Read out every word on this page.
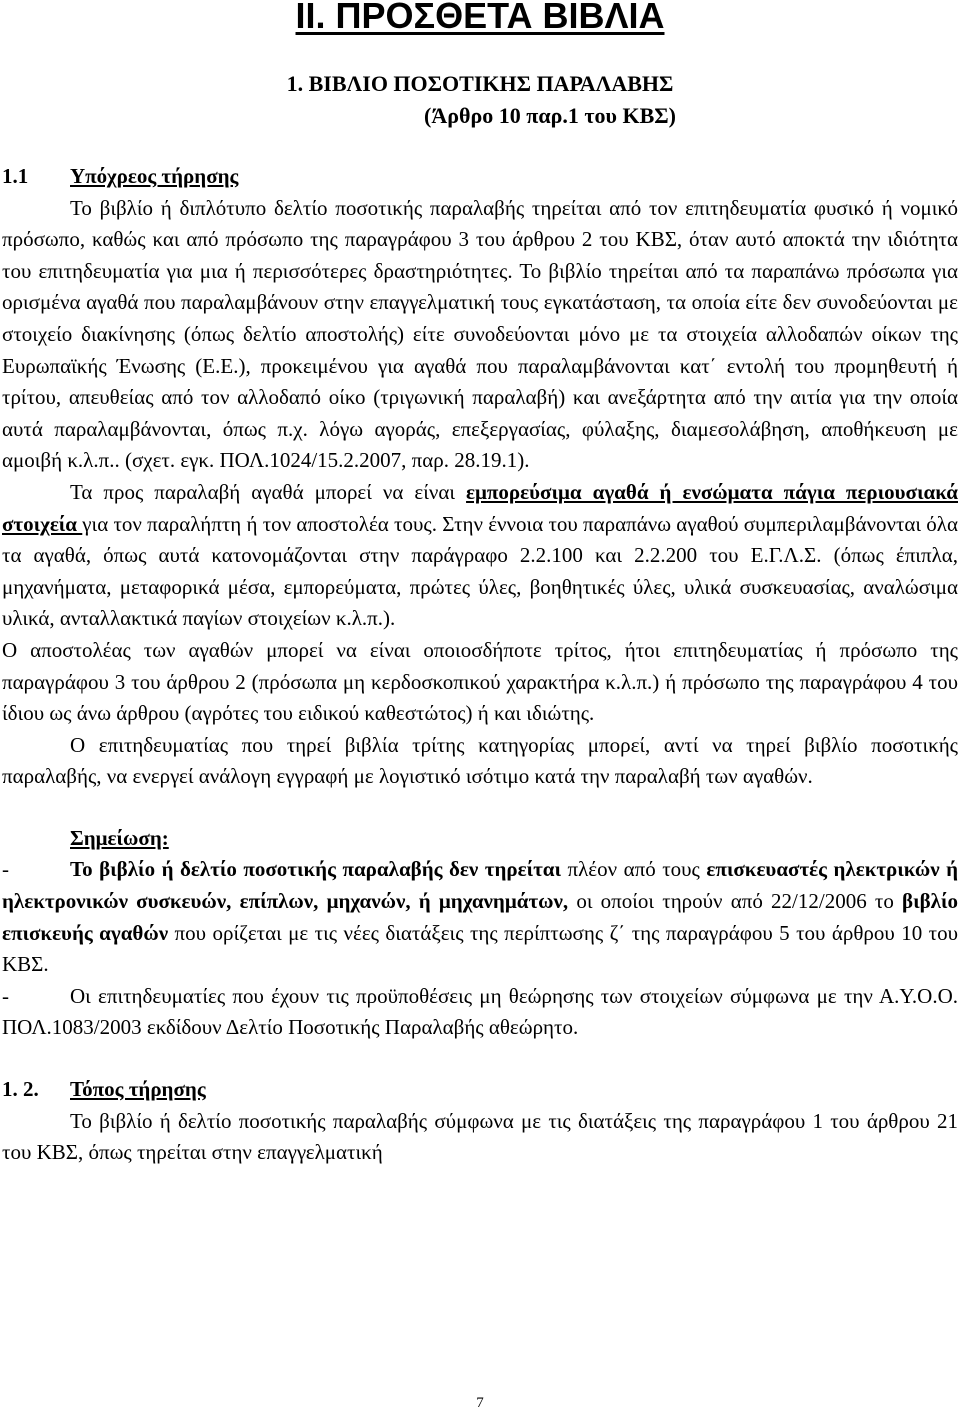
ΙΙ. ΠΡΟΣΘΕΤΑ ΒΙΒΛΙΑ
1. ΒΙΒΛΙΟ ΠΟΣΟΤΙΚΗΣ ΠΑΡΑΛΑΒΗΣ
(Άρθρο 10 παρ.1 του ΚΒΣ)

1.1 Υπόχρεος τήρησης

Το βιβλίο ή διπλότυπο δελτίο ποσοτικής παραλαβής τηρείται από τον επιτηδευματία φυσικό ή νομικό πρόσωπο, καθώς και από πρόσωπο της παραγράφου 3 του άρθρου 2 του ΚΒΣ, όταν αυτό αποκτά την ιδιότητα του επιτηδευματία για μια ή περισσότερες δραστηριότητες. Το βιβλίο τηρείται από τα παραπάνω πρόσωπα για ορισμένα αγαθά που παραλαμβάνουν στην επαγγελματική τους εγκατάσταση, τα οποία είτε δεν συνοδεύονται με στοιχείο διακίνησης (όπως δελτίο αποστολής) είτε συνοδεύονται μόνο με τα στοιχεία αλλοδαπών οίκων της Ευρωπαϊκής Ένωσης (Ε.Ε.), προκειμένου για αγαθά που παραλαμβάνονται κατ΄ εντολή του προμηθευτή ή τρίτου, απευθείας από τον αλλοδαπό οίκο (τριγωνική παραλαβή) και ανεξάρτητα από την αιτία για την οποία αυτά παραλαμβάνονται, όπως π.χ. λόγω αγοράς, επεξεργασίας, φύλαξης, διαμεσολάβηση, αποθήκευση με αμοιβή κ.λ.π.. (σχετ. εγκ. ΠΟΛ.1024/15.2.2007, παρ. 28.19.1).

Τα προς παραλαβή αγαθά μπορεί να είναι εμπορεύσιμα αγαθά ή ενσώματα πάγια περιουσιακά στοιχεία για τον παραλήπτη ή τον αποστολέα τους. Στην έννοια του παραπάνω αγαθού συμπεριλαμβάνονται όλα τα αγαθά, όπως αυτά κατονομάζονται στην παράγραφο 2.2.100 και 2.2.200 του Ε.Γ.Λ.Σ. (όπως έπιπλα, μηχανήματα, μεταφορικά μέσα, εμπορεύματα, πρώτες ύλες, βοηθητικές ύλες, υλικά συσκευασίας, αναλώσιμα υλικά, ανταλλακτικά παγίων στοιχείων κ.λ.π.).

Ο αποστολέας των αγαθών μπορεί να είναι οποιοσδήποτε τρίτος, ήτοι επιτηδευματίας ή πρόσωπο της παραγράφου 3 του άρθρου 2 (πρόσωπα μη κερδοσκοπικού χαρακτήρα κ.λ.π.) ή πρόσωπο της παραγράφου 4 του ίδιου ως άνω άρθρου (αγρότες του ειδικού καθεστώτος) ή και ιδιώτης.

Ο επιτηδευματίας που τηρεί βιβλία τρίτης κατηγορίας μπορεί, αντί να τηρεί βιβλίο ποσοτικής παραλαβής, να ενεργεί ανάλογη εγγραφή με λογιστικό ισότιμο κατά την παραλαβή των αγαθών.

Σημείωση:

-	Το βιβλίο ή δελτίο ποσοτικής παραλαβής δεν τηρείται πλέον από τους επισκευαστές ηλεκτρικών ή ηλεκτρονικών συσκευών, επίπλων, μηχανών, ή μηχανημάτων, οι οποίοι τηρούν από 22/12/2006 το βιβλίο επισκευής αγαθών που ορίζεται με τις νέες διατάξεις της περίπτωσης ζ΄ της παραγράφου 5 του άρθρου 10 του ΚΒΣ.

-	Οι επιτηδευματίες που έχουν τις προϋποθέσεις μη θεώρησης των στοιχείων σύμφωνα με την Α.Υ.Ο.Ο. ΠΟΛ.1083/2003 εκδίδουν Δελτίο Ποσοτικής Παραλαβής αθεώρητο.

1. 2. Τόπος τήρησης

Το βιβλίο ή δελτίο ποσοτικής παραλαβής σύμφωνα με τις διατάξεις της παραγράφου 1 του άρθρου 21 του ΚΒΣ, όπως τηρείται στην επαγγελματική

7
